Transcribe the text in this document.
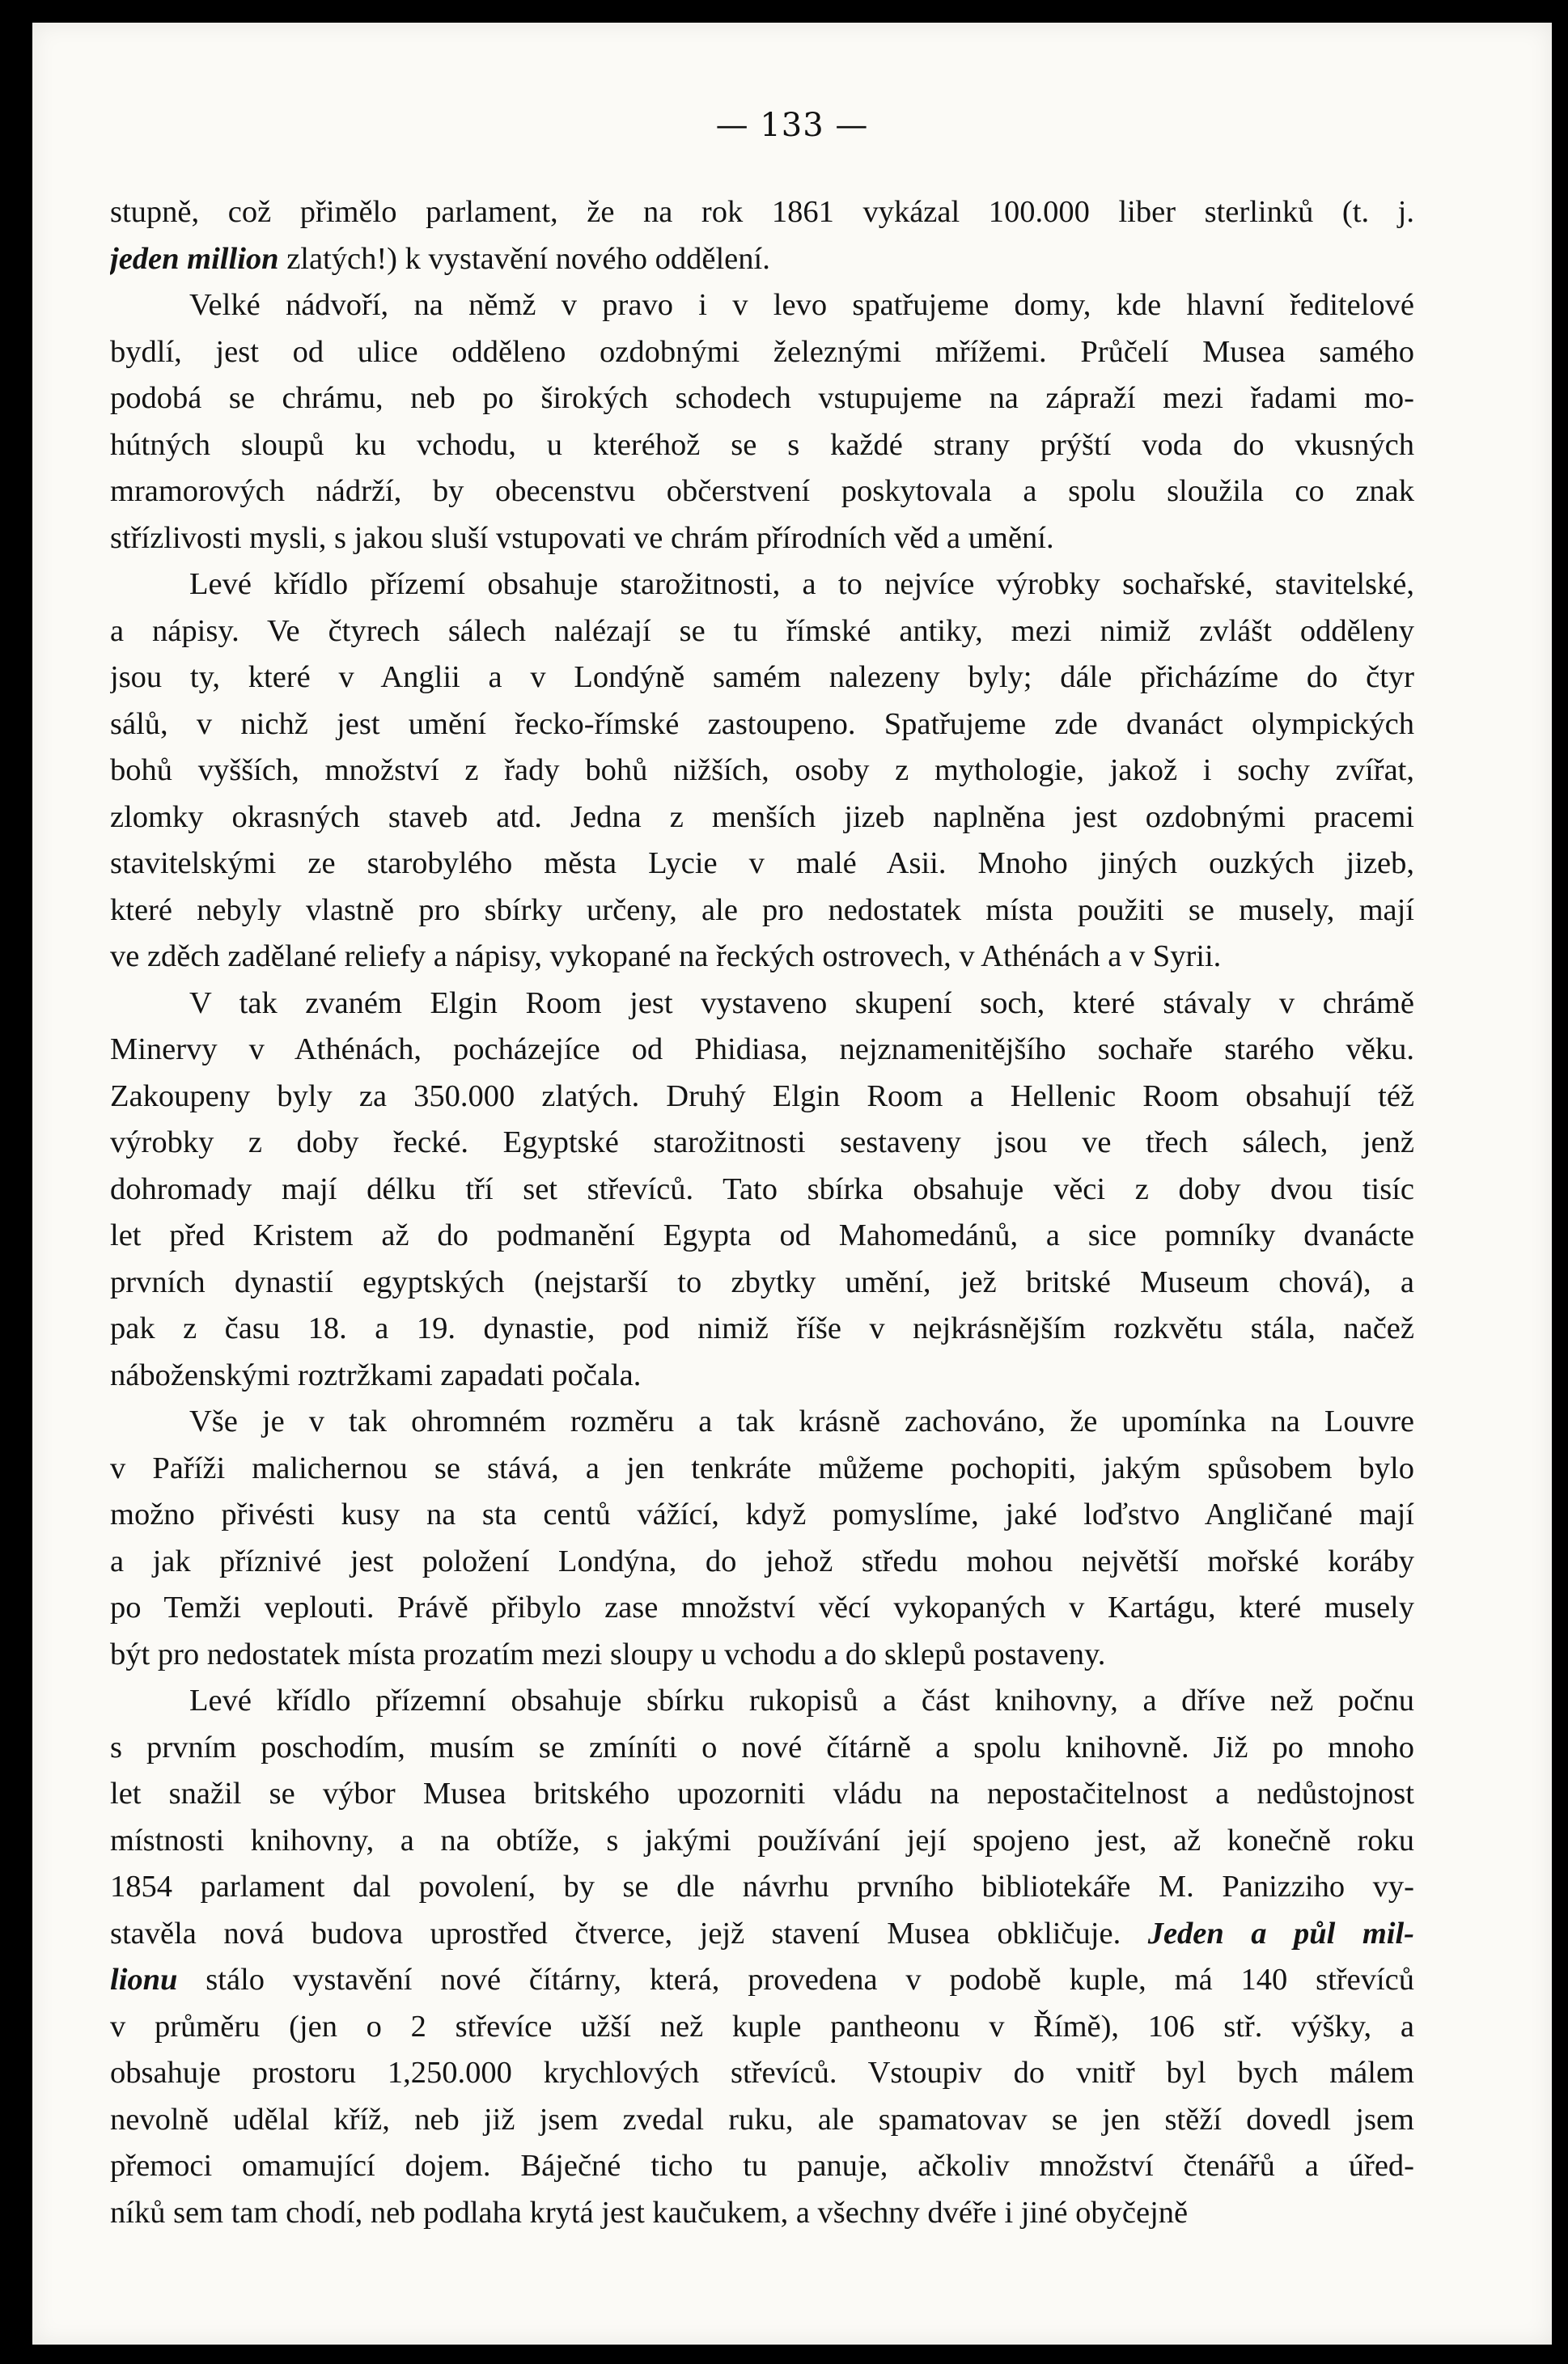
— 133 —
stupně, což přimělo parlament, že na rok 1861 vykázal 100.000 liber sterlinků (t. j.
jeden million zlatých!) k vystavění nového oddělení.
Velké nádvoří, na němž v pravo i v levo spatřujeme domy, kde hlavní ředitelové
bydlí, jest od ulice odděleno ozdobnými železnými mřížemi. Průčelí Musea samého
podobá se chrámu, neb po širokých schodech vstupujeme na zápraží mezi řadami mo-
hútných sloupů ku vchodu, u kteréhož se s každé strany prýští voda do vkusných
mramorových nádrží, by obecenstvu občerstvení poskytovala a spolu sloužila co znak
střízlivosti mysli, s jakou sluší vstupovati ve chrám přírodních věd a umění.
Levé křídlo přízemí obsahuje starožitnosti, a to nejvíce výrobky sochařské, stavitelské,
a nápisy. Ve čtyrech sálech nalézají se tu římské antiky, mezi nimiž zvlášt odděleny
jsou ty, které v Anglii a v Londýně samém nalezeny byly; dále přicházíme do čtyr
sálů, v nichž jest umění řecko-římské zastoupeno. Spatřujeme zde dvanáct olympických
bohů vyšších, množství z řady bohů nižších, osoby z mythologie, jakož i sochy zvířat,
zlomky okrasných staveb atd. Jedna z menších jizeb naplněna jest ozdobnými pracemi
stavitelskými ze starobylého města Lycie v malé Asii. Mnoho jiných ouzkých jizeb,
které nebyly vlastně pro sbírky určeny, ale pro nedostatek místa použiti se musely, mají
ve zděch zadělané reliefy a nápisy, vykopané na řeckých ostrovech, v Athénách a v Syrii.
V tak zvaném Elgin Room jest vystaveno skupení soch, které stávaly v chrámě
Minervy v Athénách, pocházejíce od Phidiasa, nejznamenitějšího sochaře starého věku.
Zakoupeny byly za 350.000 zlatých. Druhý Elgin Room a Hellenic Room obsahují též
výrobky z doby řecké. Egyptské starožitnosti sestaveny jsou ve třech sálech, jenž
dohromady mají délku tří set střevíců. Tato sbírka obsahuje věci z doby dvou tisíc
let před Kristem až do podmanění Egypta od Mahomedánů, a sice pomníky dvanácte
prvních dynastií egyptských (nejstarší to zbytky umění, jež britské Museum chová), a
pak z času 18. a 19. dynastie, pod nimiž říše v nejkrásnějším rozkvětu stála, načež
náboženskými roztržkami zapadati počala.
Vše je v tak ohromném rozměru a tak krásně zachováno, že upomínka na Louvre
v Paříži malichernou se stává, a jen tenkráte můžeme pochopiti, jakým spůsobem bylo
možno přivésti kusy na sta centů vážící, když pomyslíme, jaké loďstvo Angličané mají
a jak příznivé jest položení Londýna, do jehož středu mohou největší mořské koráby
po Temži veplouti. Právě přibylo zase množství věcí vykopaných v Kartágu, které musely
být pro nedostatek místa prozatím mezi sloupy u vchodu a do sklepů postaveny.
Levé křídlo přízemní obsahuje sbírku rukopisů a část knihovny, a dříve než počnu
s prvním poschodím, musím se zmíníti o nové čítárně a spolu knihovně. Již po mnoho
let snažil se výbor Musea britského upozorniti vládu na nepostačitelnost a nedůstojnost
místnosti knihovny, a na obtíže, s jakými používání její spojeno jest, až konečně roku
1854 parlament dal povolení, by se dle návrhu prvního bibliotekáře M. Panizziho vy-
stavěla nová budova uprostřed čtverce, jejž stavení Musea obkličuje. Jeden a půl mil-
lionu stálo vystavění nové čítárny, která, provedena v podobě kuple, má 140 střevíců
v průměru (jen o 2 střevíce užší než kuple pantheonu v Římě), 106 stř. výšky, a
obsahuje prostoru 1,250.000 krychlových střevíců. Vstoupiv do vnitř byl bych málem
nevolně udělal kříž, neb již jsem zvedal ruku, ale spamatovav se jen stěží dovedl jsem
přemoci omamující dojem. Báječné ticho tu panuje, ačkoliv množství čtenářů a úřed-
níků sem tam chodí, neb podlaha krytá jest kaučukem, a všechny dvéře i jiné obyčejně
